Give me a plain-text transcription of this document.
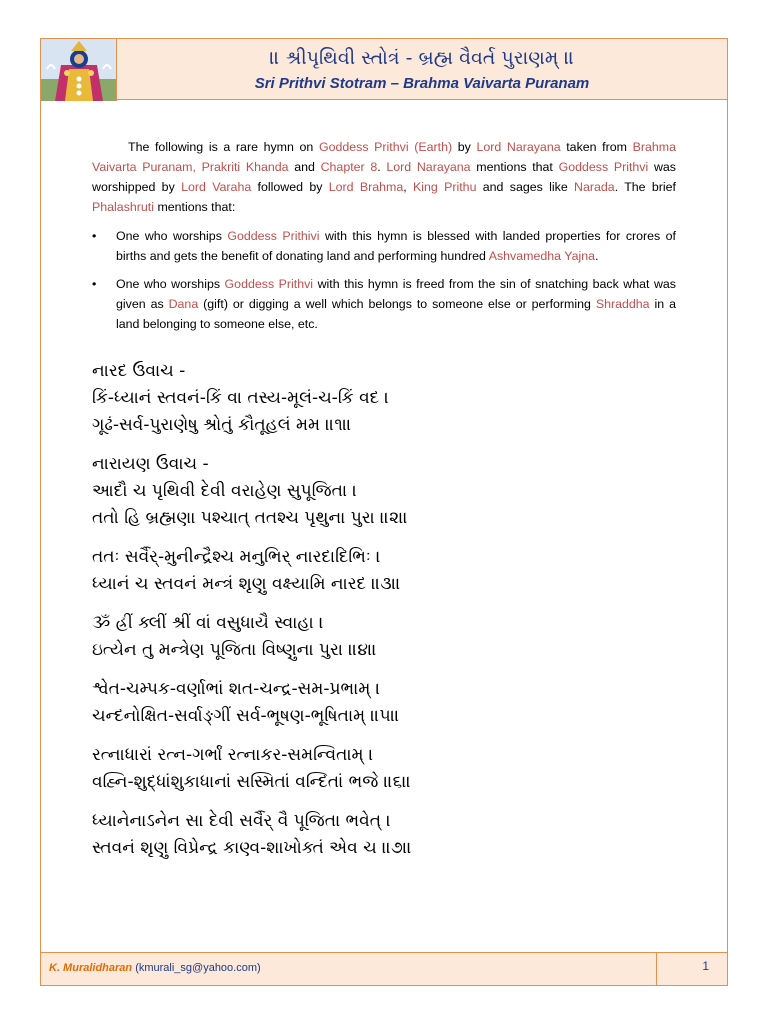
॥ શ્રીપૃથિવી સ્તોત્રં - બ્રહ્મ વૈવર્ત પુરાણમ્ ॥
Sri Prithvi Stotram – Brahma Vaivarta Puranam
The following is a rare hymn on Goddess Prithvi (Earth) by Lord Narayana taken from Brahma Vaivarta Puranam, Prakriti Khanda and Chapter 8. Lord Narayana mentions that Goddess Prithvi was worshipped by Lord Varaha followed by Lord Brahma, King Prithu and sages like Narada. The brief Phalashruti mentions that:
• One who worships Goddess Prithivi with this hymn is blessed with landed properties for crores of births and gets the benefit of donating land and performing hundred Ashvamedha Yajna.
• One who worships Goddess Prithvi with this hymn is freed from the sin of snatching back what was given as Dana (gift) or digging a well which belongs to someone else or performing Shraddha in a land belonging to someone else, etc.
નારદ ઉવાચ -
કિં-ધ્યાનં સ્તવનં-કિં વા તસ્ય-મૂલં-ચ-કિં વદ ।
ગૂઢં-સર્વ-પુરાણેષુ શ્રોતું કૌતૂહલં મમ ॥૧॥
નારાયણ ઉવાચ -
આદૌ ચ પૃથિવી દેવી વરાહેણ સુપૂજિતા ।
તતો હિ બ્રહ્મણા પશ્ચાત્ તતશ્ચ પૃથુના પુરા ॥૨॥
તતઃ સર્વૈર્-મુનીન્દ્રૈશ્ચ મનુભિર્ નારદાદિભિઃ ।
ધ્યાનં ચ સ્તવનં મન્ત્રં શૃણુ વક્ષ્યામિ નારદ ॥૩॥
ૐ હ્રીં ક્લીં શ્રીં વાં વસુધાયૈ સ્વાહા ।
ઇત્યેન તુ મન્ત્રેણ પૂજિતા વિષ્ણુના પુરા ॥૪॥
શ્વેત-ચમ્પક-વર્ણાભાં શત-ચન્દ્ર-સમ-પ્રભામ્ ।
ચન્દનોક્ષિત-સર્વાઙ્ગીં સર્વ-ભૂષણ-ભૂષિતામ્ ॥૫॥
રત્નાધારાં રત્ન-ગર્ભાં રત્નાકર-સમન્વિતામ્ ।
વહ્નિ-શુદ્ધાંશુકાધાનાં સસ્મિતાં વન્દિતાં ભજે ॥૬॥
ધ્યાનેનાઽનેન સા દેવી સર્વૈર્ વૈ પૂજિતા ભવેત્ ।
સ્તવનં શૃણુ વિપ્રેન્દ્ર કાણ્વ-શાખોક્તં એવ ચ ॥૭॥
K. Muralidharan (kmurali_sg@yahoo.com)	1
